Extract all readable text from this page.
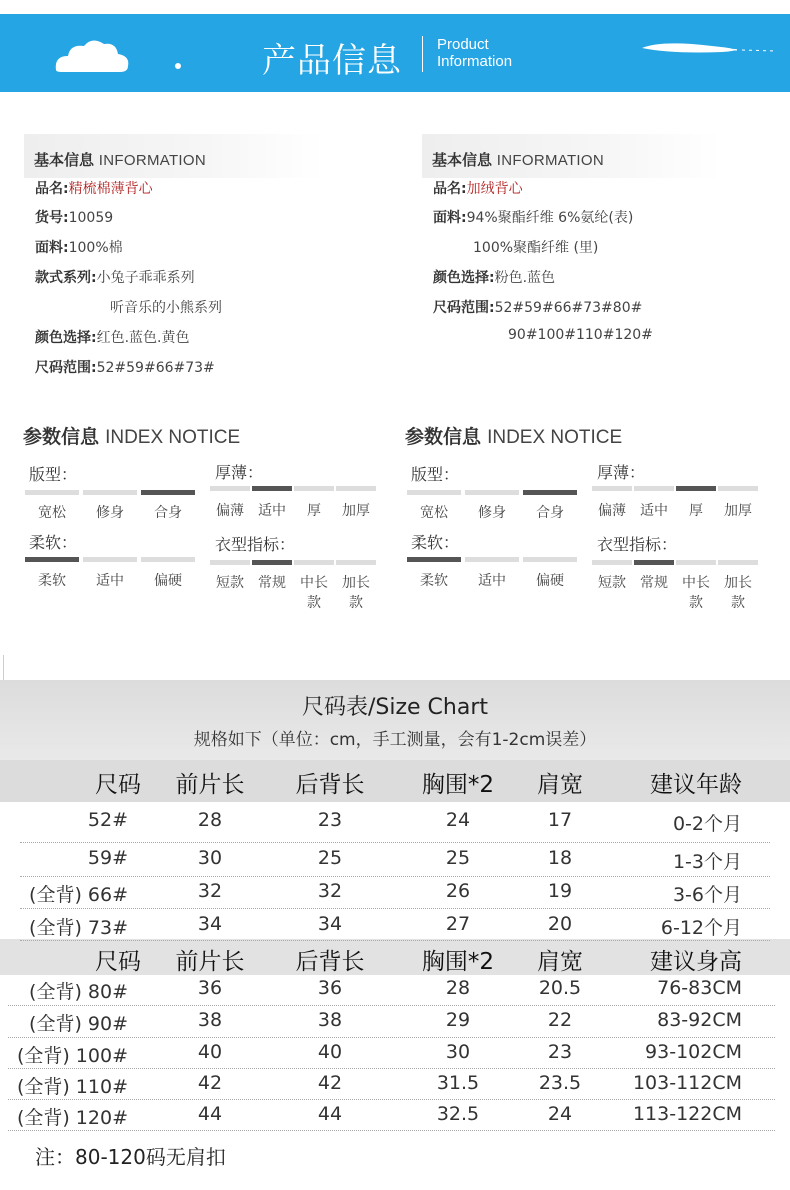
产品信息 Product
Information
基本信息 INFORMATION
品名:精梳棉薄背心
货号:10059
面料:100%棉
款式系列:小兔子乖乖系列
听音乐的小熊系列
颜色选择:红色.蓝色.黄色
尺码范围:52#59#66#73#
基本信息 INFORMATION
品名:加绒背心
面料:94%聚酯纤维 6%氨纶(表)
100%聚酯纤维 (里)
颜色选择:粉色.蓝色
尺码范围:52#59#66#73#80#
90#100#110#120#
参数信息 INDEX NOTICE	参数信息 INDEX NOTICE
版型：	厚薄：
柔软：	衣型指标：
版型：	厚薄：
柔软：	衣型指标：
宽松	修身	合身
柔软	适中	偏硬
偏薄	适中	厚	加厚
短款	常规	中长款
加长款
宽松	修身	合身
柔软	适中	偏硬
偏薄	适中	厚	加厚
短款	常规	中长款
加长款
尺码表/Size Chart
规格如下（单位：cm，手工测量，会有1-2cm误差）
尺码	前片长	后背长	胸围*2	肩宽	建议年龄
52#	28	23	24	17	0-2个月
59#	30	25	25	18	1-3个月
(全背) 66#	32	32	26	19	3-6个月
(全背) 73#	34	34	27	20	6-12个月
尺码	前片长	后背长	胸围*2	肩宽	建议身高
(全背) 80#	36	36	28	20.5	76-83CM
(全背) 90#	38	38	29	22	83-92CM
(全背) 100#	40	40	30	23	93-102CM
(全背) 110#	42	42	31.5	23.5	103-112CM
(全背) 120#	44	44	32.5	24	113-122CM
注：80-120码无肩扣
